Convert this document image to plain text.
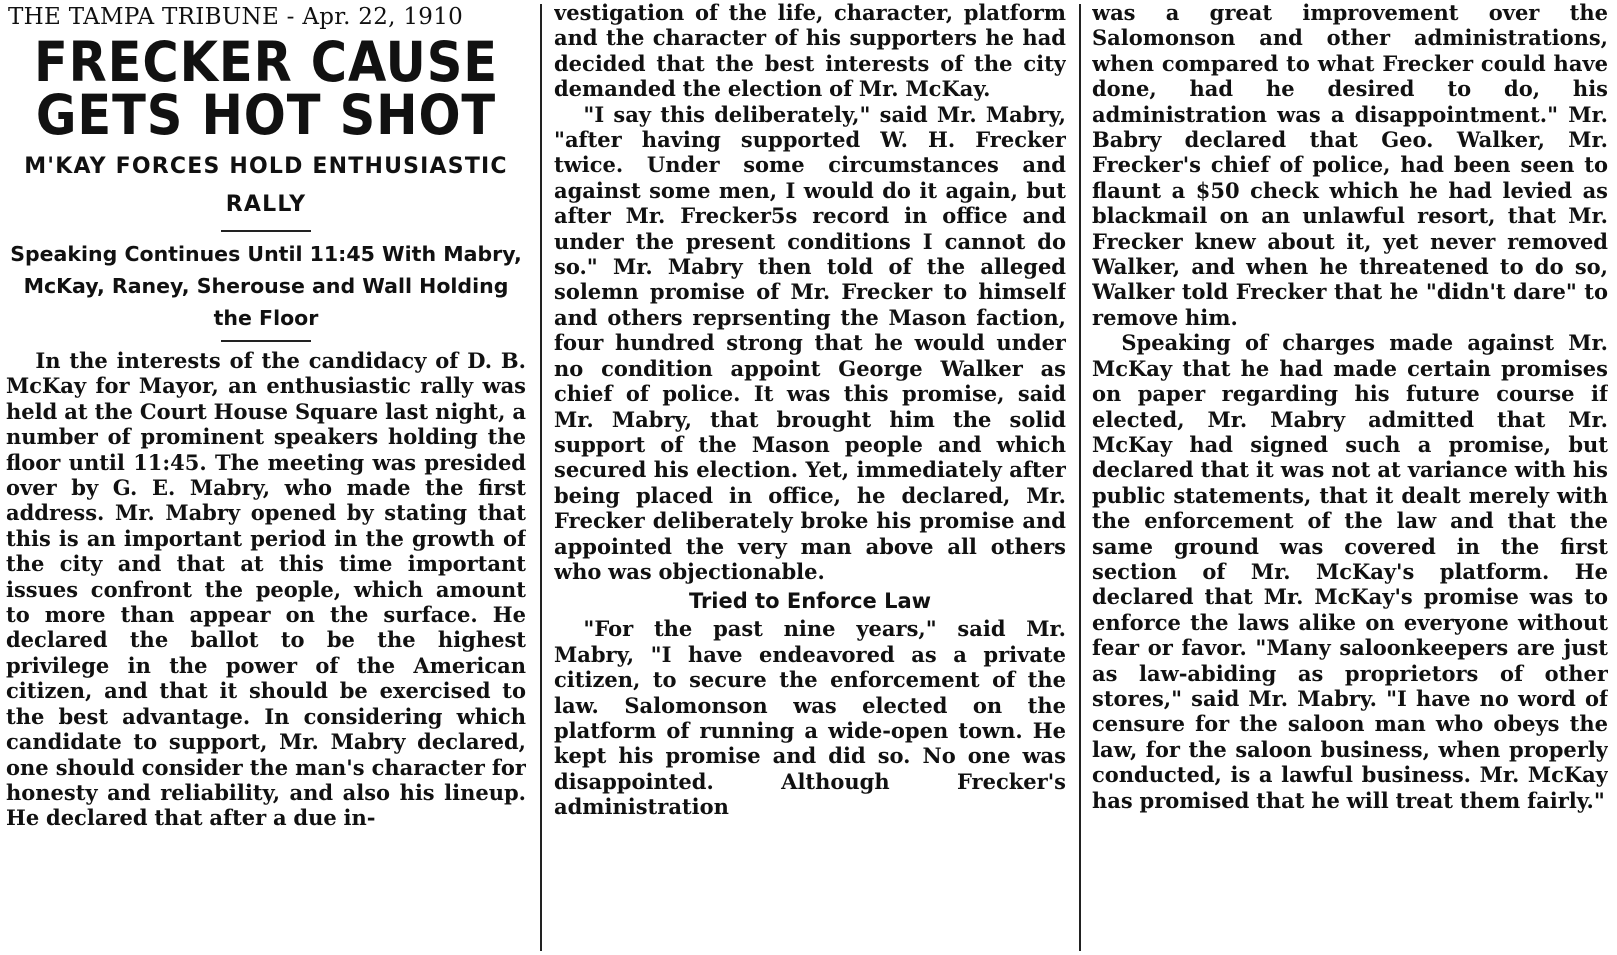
THE TAMPA TRIBUNE - Apr. 22, 1910
FRECKER CAUSE
GETS HOT SHOT
M'KAY FORCES HOLD ENTHUSIASTIC RALLY
Speaking Continues Until 11:45 With Mabry, McKay, Raney, Sherouse and Wall Holding the Floor

In the interests of the candidacy of D. B. McKay for Mayor, an enthusiastic rally was held at the Court House Square last night, a number of prominent speakers holding the floor until 11:45. The meeting was presided over by G. E. Mabry, who made the first address. Mr. Mabry opened by stating that this is an important period in the growth of the city and that at this time important issues confront the people, which amount to more than appear on the surface. He declared the ballot to be the highest privilege in the power of the American citizen, and that it should be exercised to the best advantage. In considering which candidate to support, Mr. Mabry declared, one should consider the man's character for honesty and reliability, and also his lineup. He declared that after a due in-

vestigation of the life, character, platform and the character of his supporters he had decided that the best interests of the city demanded the election of Mr. McKay.

"I say this deliberately," said Mr. Mabry, "after having supported W. H. Frecker twice. Under some circumstances and against some men, I would do it again, but after Mr. Frecker5s record in office and under the present conditions I cannot do so." Mr. Mabry then told of the alleged solemn promise of Mr. Frecker to himself and others reprsenting the Mason faction, four hundred strong that he would under no condition appoint George Walker as chief of police. It was this promise, said Mr. Mabry, that brought him the solid support of the Mason people and which secured his election. Yet, immediately after being placed in office, he declared, Mr. Frecker deliberately broke his promise and appointed the very man above all others who was objectionable.

Tried to Enforce Law

"For the past nine years," said Mr. Mabry, "I have endeavored as a private citizen, to secure the enforcement of the law. Salomonson was elected on the platform of running a wide-open town. He kept his promise and did so. No one was disappointed. Although Frecker's administration

was a great improvement over the Salomonson and other administrations, when compared to what Frecker could have done, had he desired to do, his administration was a disappointment." Mr. Babry declared that Geo. Walker, Mr. Frecker's chief of police, had been seen to flaunt a $50 check which he had levied as blackmail on an unlawful resort, that Mr. Frecker knew about it, yet never removed Walker, and when he threatened to do so, Walker told Frecker that he "didn't dare" to remove him.

Speaking of charges made against Mr. McKay that he had made certain promises on paper regarding his future course if elected, Mr. Mabry admitted that Mr. McKay had signed such a promise, but declared that it was not at variance with his public statements, that it dealt merely with the enforcement of the law and that the same ground was covered in the first section of Mr. McKay's platform. He declared that Mr. McKay's promise was to enforce the laws alike on everyone without fear or favor. "Many saloonkeepers are just as law-abiding as proprietors of other stores," said Mr. Mabry. "I have no word of censure for the saloon man who obeys the law, for the saloon business, when properly conducted, is a lawful business. Mr. McKay has promised that he will treat them fairly."
